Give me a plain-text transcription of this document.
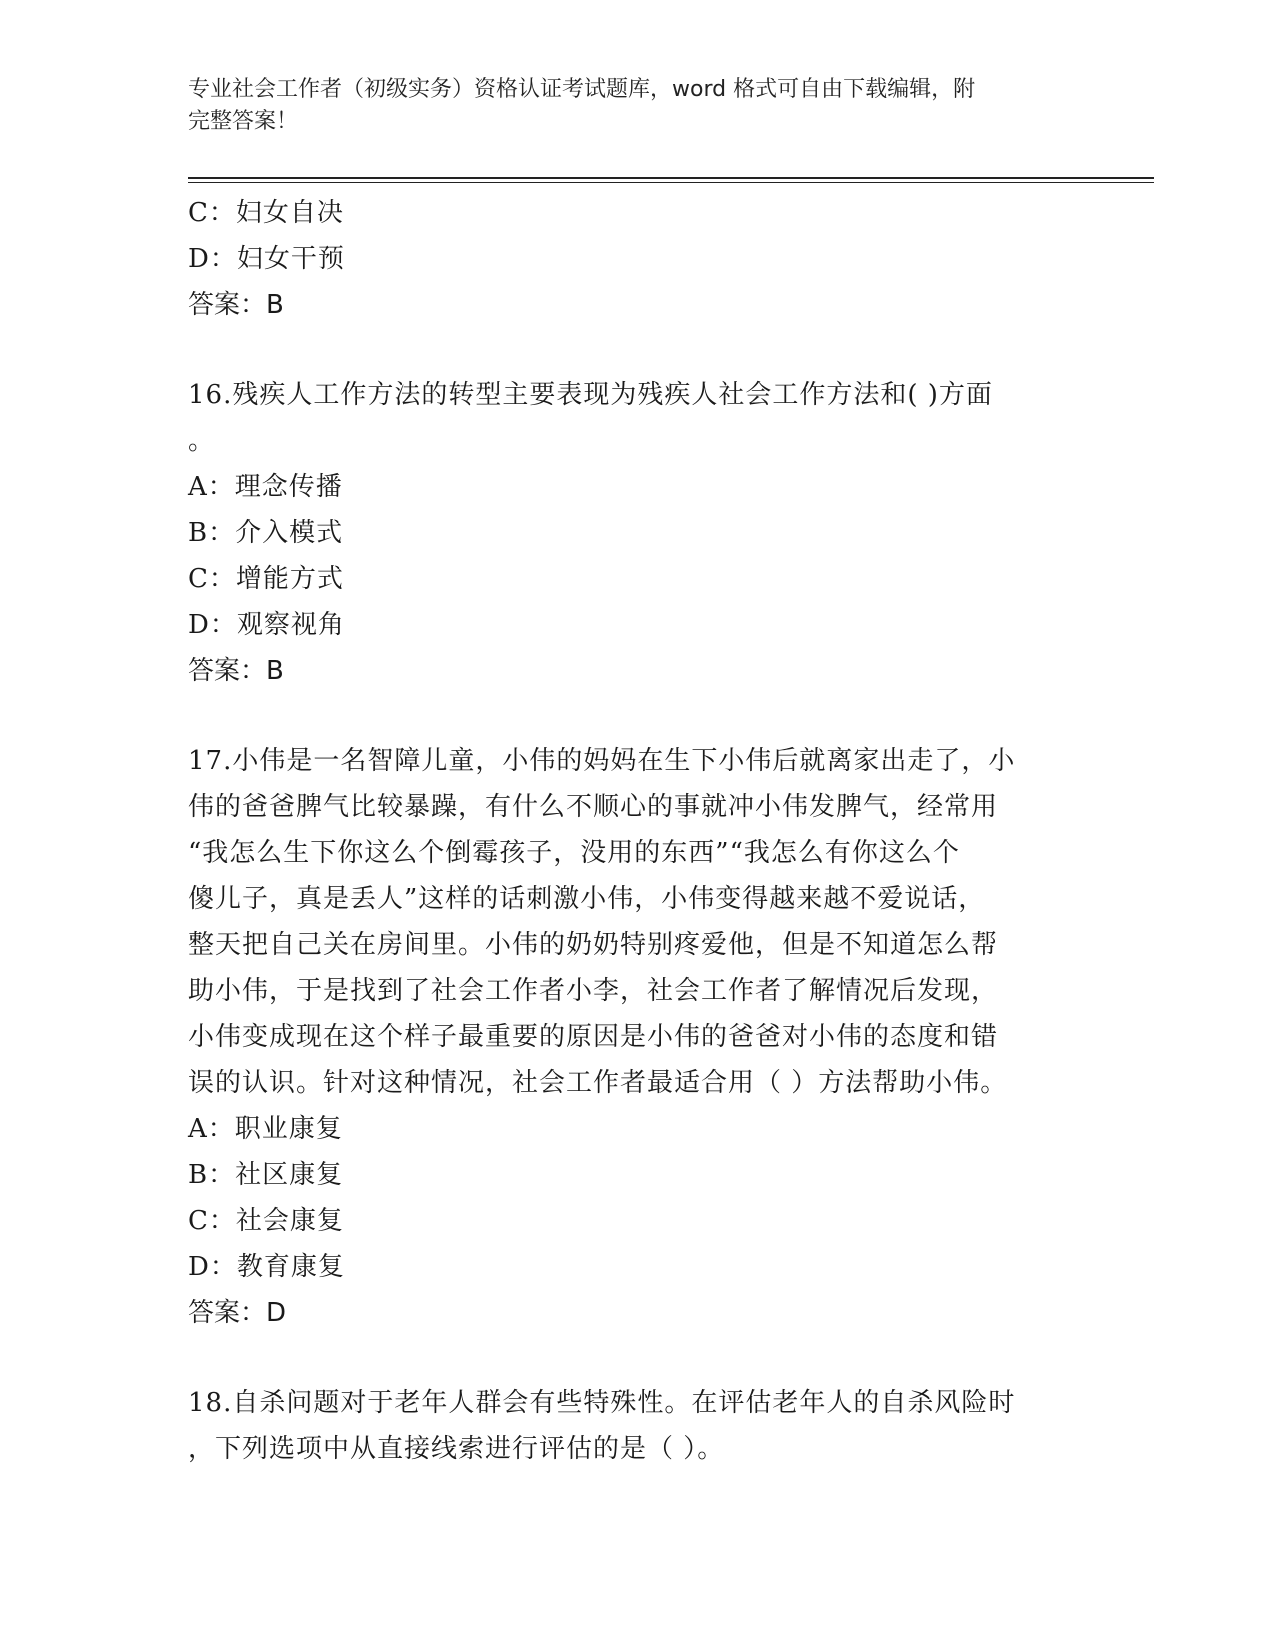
专业社会工作者（初级实务）资格认证考试题库，word 格式可自由下载编辑，附
完整答案！
C：妇女自决
D：妇女干预
答案：B
16.残疾人工作方法的转型主要表现为残疾人社会工作方法和( )方面
。
A：理念传播
B：介入模式
C：增能方式
D：观察视角
答案：B
17.小伟是一名智障儿童，小伟的妈妈在生下小伟后就离家出走了，小
伟的爸爸脾气比较暴躁，有什么不顺心的事就冲小伟发脾气，经常用
“我怎么生下你这么个倒霉孩子，没用的东西”“我怎么有你这么个
傻儿子，真是丢人”这样的话刺激小伟，小伟变得越来越不爱说话，
整天把自己关在房间里。小伟的奶奶特别疼爱他，但是不知道怎么帮
助小伟，于是找到了社会工作者小李，社会工作者了解情况后发现，
小伟变成现在这个样子最重要的原因是小伟的爸爸对小伟的态度和错
误的认识。针对这种情况，社会工作者最适合用（ ）方法帮助小伟。
A：职业康复
B：社区康复
C：社会康复
D：教育康复
答案：D
18.自杀问题对于老年人群会有些特殊性。在评估老年人的自杀风险时
，下列选项中从直接线索进行评估的是（ ）。
